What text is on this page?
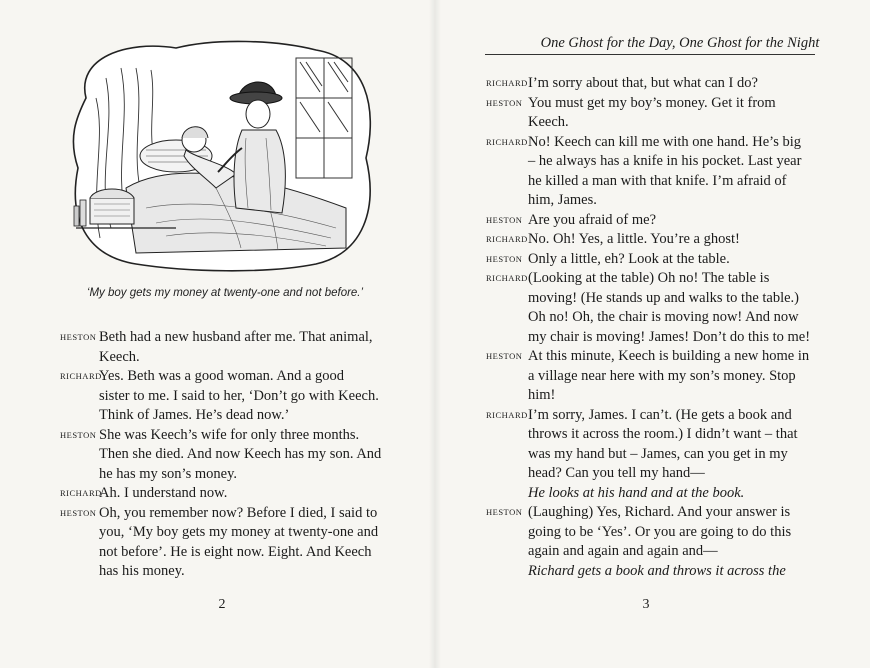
‘My boy gets my money at twenty-one and not before.’
HESTON Beth had a new husband after me. That animal,
Keech.
RICHARD
Yes. Beth was a good woman. And a good
sister to me. I said to her, ‘Don’t go with Keech.
Think of James. He’s dead now.’
HESTON She was Keech’s wife for only three months.
Then she died. And now Keech has my son. And
he has my son’s money.
RICHARD
Ah. I understand now.
HESTON Oh, you remember now? Before I died, I said to
you, ‘My boy gets my money at twenty-one and
not before’. He is eight now. Eight. And Keech
has his money.
2
One Ghost for the Day, One Ghost for the Night
RICHARD I’m sorry about that, but what can I do?
HESTON You must get my boy’s money. Get it from
Keech.
RICHARD No! Keech can kill me with one hand. He’s big
– he always has a knife in his pocket. Last year
he killed a man with that knife. I’m afraid of
him, James.
HESTON Are you afraid of me?
RICHARD No. Oh! Yes, a little. You’re a ghost!
HESTON Only a little, eh? Look at the table.
RICHARD (Looking at the table) Oh no! The table is
moving! (He stands up and walks to the table.)
Oh no! Oh, the chair is moving now! And now
my chair is moving! James! Don’t do this to me!
HESTON At this minute, Keech is building a new home in
a village near here with my son’s money. Stop
him!
RICHARD I’m sorry, James. I can’t. (He gets a book and
throws it across the room.) I didn’t want – that
was my hand but – James, can you get in my
head? Can you tell my hand—
He looks at his hand and at the book.
HESTON (Laughing) Yes, Richard. And your answer is
going to be ‘Yes’. Or you are going to do this
again and again and again and—
Richard gets a book and throws it across the
3
